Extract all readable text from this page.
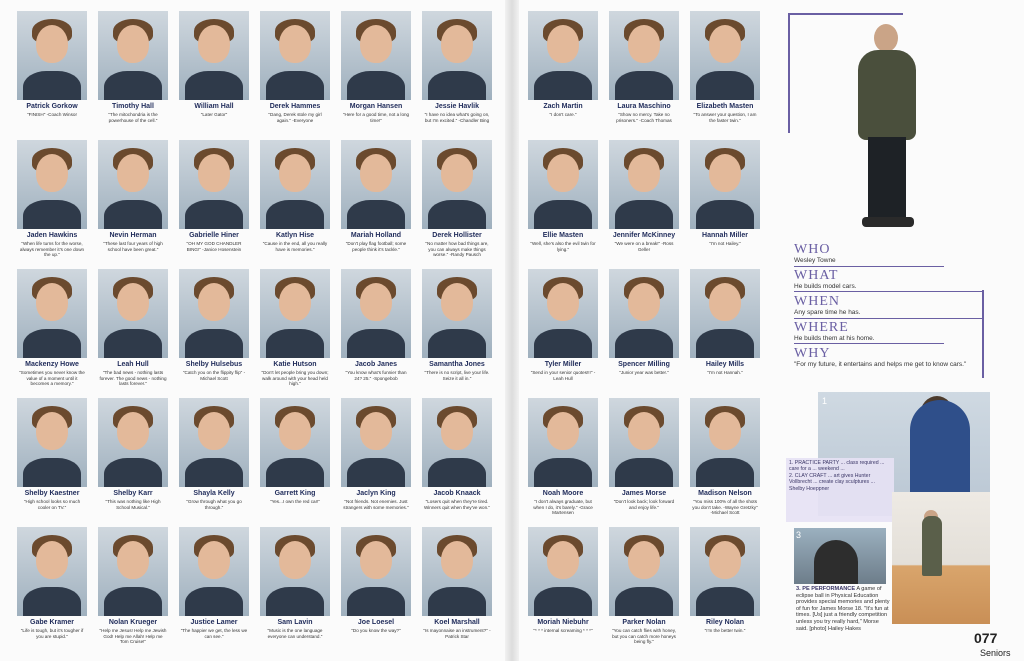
Patrick Gorkow
"FINISH" -Coach Winsor
Timothy Hall
"The mitochondria is the powerhouse of the cell."
William Hall
"Later Gator"
Derek Hammes
"Dang, Derek stole my girl again." -Everyone
Morgan Hansen
"Here for a good time, not a long time!"
Jessie Havlik
"I have no idea what's going on, but I'm excited." -Chandler Bing
Jaden Hawkins
"When life turns for the worse, always remember it's one down the up."
Nevin Herman
"These last four years of high school have been great."
Gabrielle Hiner
"OH MY GOD CHANDLER BING!" -Janice Hosenstein
Katlyn Hise
"Cause in the end, all you really have is memories."
Mariah Holland
"Don't play flag football; some people think it's tackle."
Derek Hollister
"No matter how bad things are, you can always make things worse." -Randy Pausch
Mackenzy Howe
"Sometimes you never know the value of a moment until it becomes a memory."
Leah Hull
"The bad news - nothing lasts forever. The good news - nothing lasts forever."
Shelby Hulsebus
"Catch you on the flippity flip" -Michael Scott
Katie Hutson
"Don't let people bring you down; walk around with your head held high."
Jacob Janes
"You know what's funnier than 24? 25." -Spongebob
Samantha Jones
"There is no script, live your life. Seize it all in."
Shelby Kaestner
"High school looks so much cooler on TV."
Shelby Karr
"This was nothing like High School Musical."
Shayla Kelly
"Grow through what you go through."
Garrett King
"Yes...I own the red car!"
Jaclyn King
"Not friends. Not enemies. Just strangers with some memories."
Jacob Knaack
"Losers quit when they're tired. Winners quit when they've won."
Gabe Kramer
"Life is tough, but it's tougher if you are stupid."
Nolan Krueger
"Help me Jesus! Help me Jewish God! Help me Allah! Help me Tom Cruise!"
Justice Lamer
"The happier we get, the less we can see."
Sam Lavin
"Music is the one language everyone can understand."
Joe Loesel
"Do you know the way?"
Koel Marshall
"Is mayonnaise an instrument?" -Patrick Star
Zach Martin
"I don't care."
Laura Maschino
"Show no mercy. Take no prisoners." -Coach Thomas
Elizabeth Masten
"To answer your question, I am the faster twin."
Ellie Masten
"Well, she's also the evil twin for lying."
Jennifer McKinney
"We were on a break!" -Ross Geller
Hannah Miller
"I'm not Hailey."
Tyler Miller
"Send in your senior quotes!!!" -Leah Hull
Spencer Milling
"Junior year was better."
Hailey Mills
"I'm not Hannah."
Noah Moore
"I don't always graduate, but when I do, it's barely." -Grace Martensen
James Morse
"Don't look back; look forward and enjoy life."
Madison Nelson
"You miss 100% of all the shots you don't take. -Wayne Gretzky" -Michael Scott
Moriah Niebuhr
"* * * internal screaming * * *"
Parker Nolan
"You can catch flies with honey, but you can catch more honeys being fly."
Riley Nolan
"I'm the better twin."
WHO
Wesley Towne
WHAT
He builds model cars.
WHEN
Any spare time he has.
WHERE
He builds them at his home.
WHY
"For my future, it entertains and helps me get to know cars."
1

1. PRACTICE PARTY ... class required ... care for a ... weekend ...

2. CLAY CRAFT ... art gives Hunter Vollbrecht ... create clay sculptures ...

Shelby Hoeppner

3
3. PE PERFORMANCE A game of eclipse ball in Physical Education provides special memories and plenty of fun for James Morse 18. "It's fun at times. [Us] just a friendly competition unless you try really hard," Morse said. [photo] Hailey Hakes
077
Seniors
